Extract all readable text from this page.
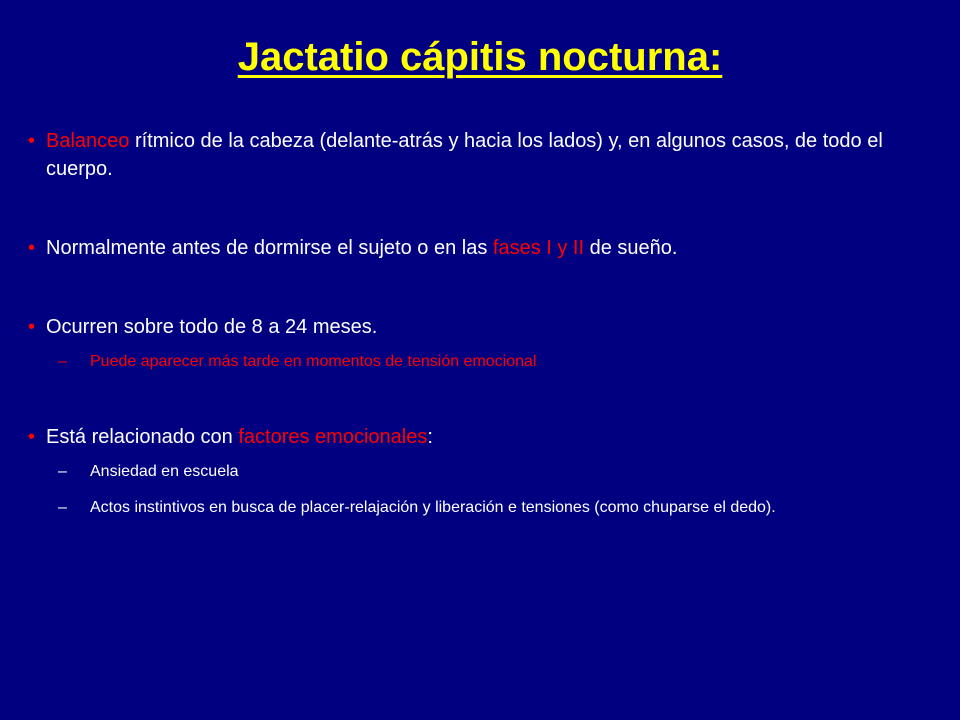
Jactatio cápitis nocturna:
• Balanceo rítmico de la cabeza (delante-atrás y hacia los lados) y, en algunos casos, de todo el cuerpo.
• Normalmente antes de dormirse el sujeto o en las fases I y II de sueño.
• Ocurren sobre todo de 8 a 24 meses.
– Puede aparecer más tarde en momentos de tensión emocional
• Está relacionado con factores emocionales:
– Ansiedad en escuela
– Actos instintivos en busca de placer-relajación y liberación e tensiones (como chuparse el dedo).
